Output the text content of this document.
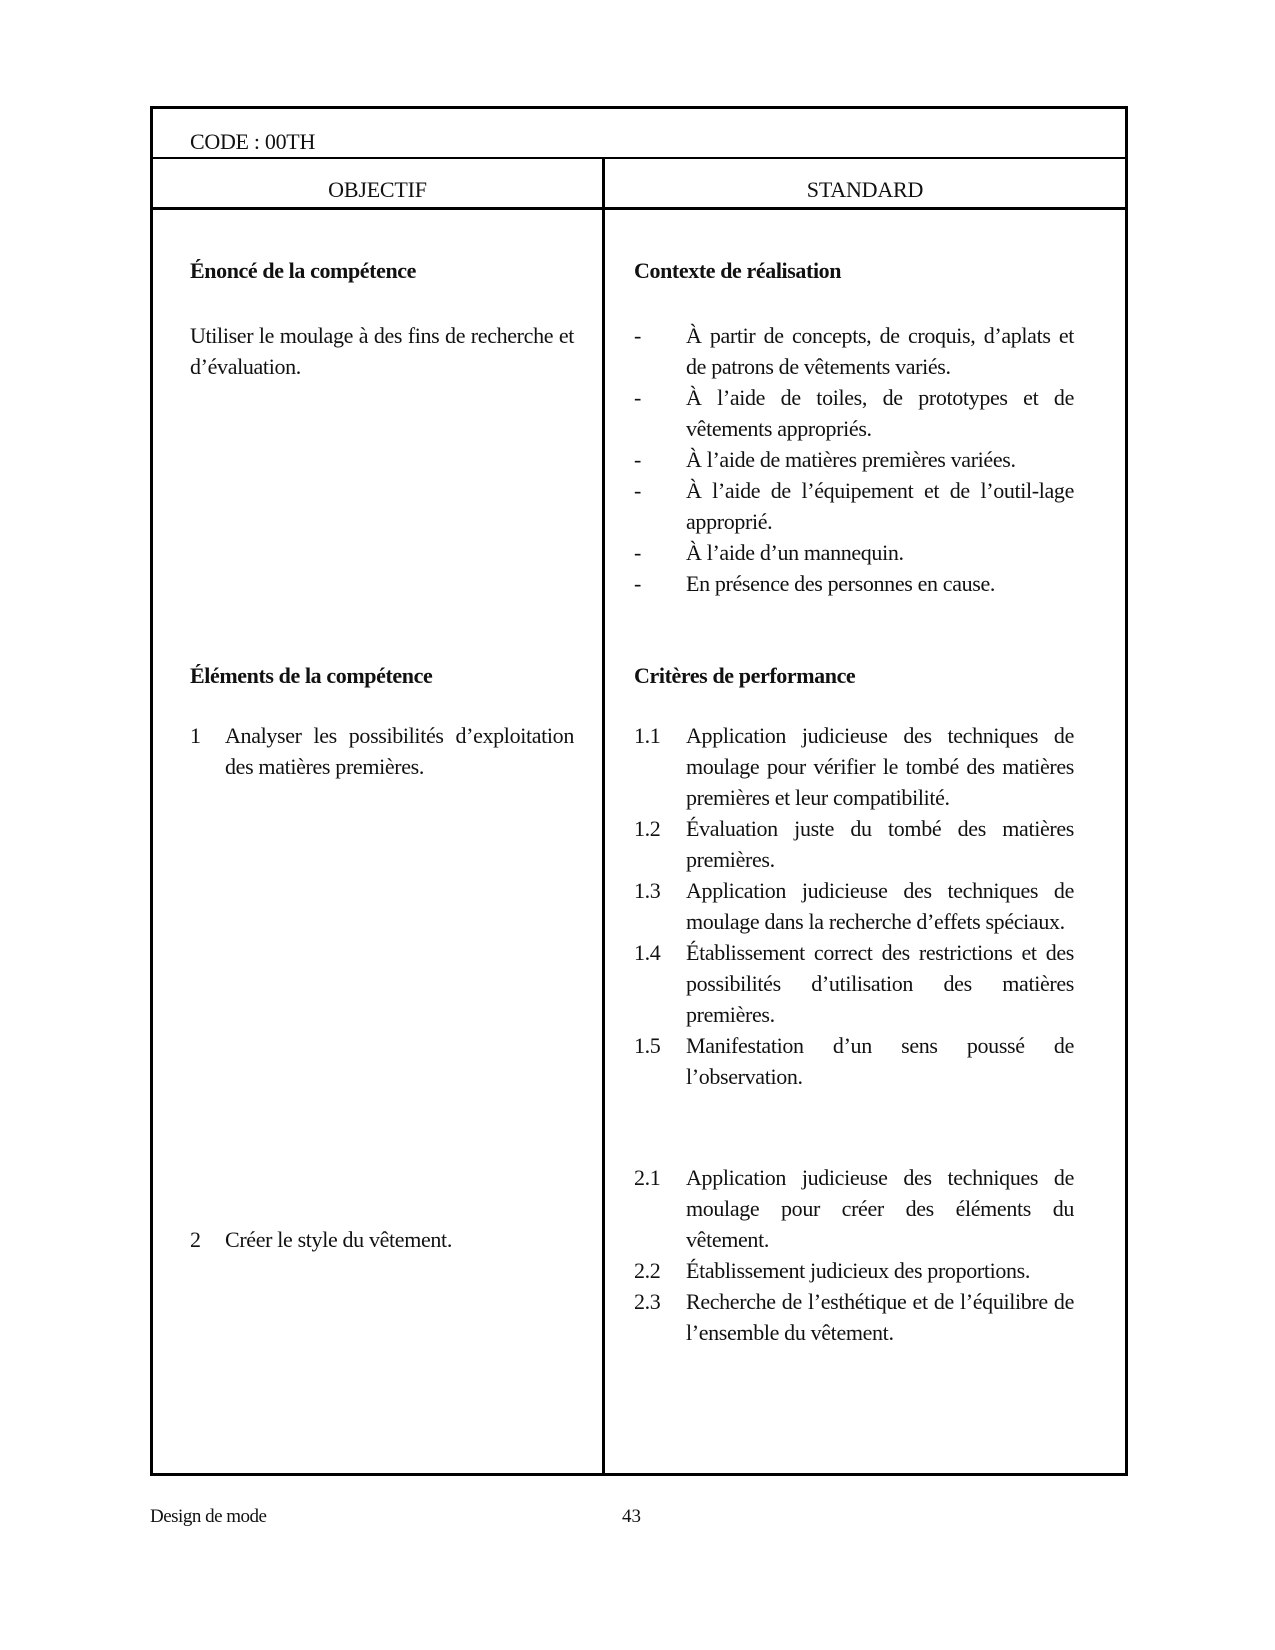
CODE : 00TH
OBJECTIF	STANDARD
Énoncé de la compétence
Utiliser le moulage à des fins de recherche et d’évaluation.
Éléments de la compétence
1 Analyser les possibilités d’exploitation des matières premières.
2 Créer le style du vêtement.
Contexte de réalisation
- À partir de concepts, de croquis, d’aplats et de patrons de vêtements variés.
- À l’aide de toiles, de prototypes et de vêtements appropriés.
- À l’aide de matières premières variées.
- À l’aide de l’équipement et de l’outil-lage approprié.
- À l’aide d’un mannequin.
- En présence des personnes en cause.
Critères de performance
1.1 Application judicieuse des techniques de moulage pour vérifier le tombé des matières premières et leur compatibilité.
1.2 Évaluation juste du tombé des matières premières.
1.3 Application judicieuse des techniques de moulage dans la recherche d’effets spéciaux.
1.4 Établissement correct des restrictions et des possibilités d’utilisation des matières premières.
1.5 Manifestation d’un sens poussé de l’observation.
2.1 Application judicieuse des techniques de moulage pour créer des éléments du vêtement.
2.2 Établissement judicieux des proportions.
2.3 Recherche de l’esthétique et de l’équilibre de l’ensemble du vêtement.
Design de mode	43
